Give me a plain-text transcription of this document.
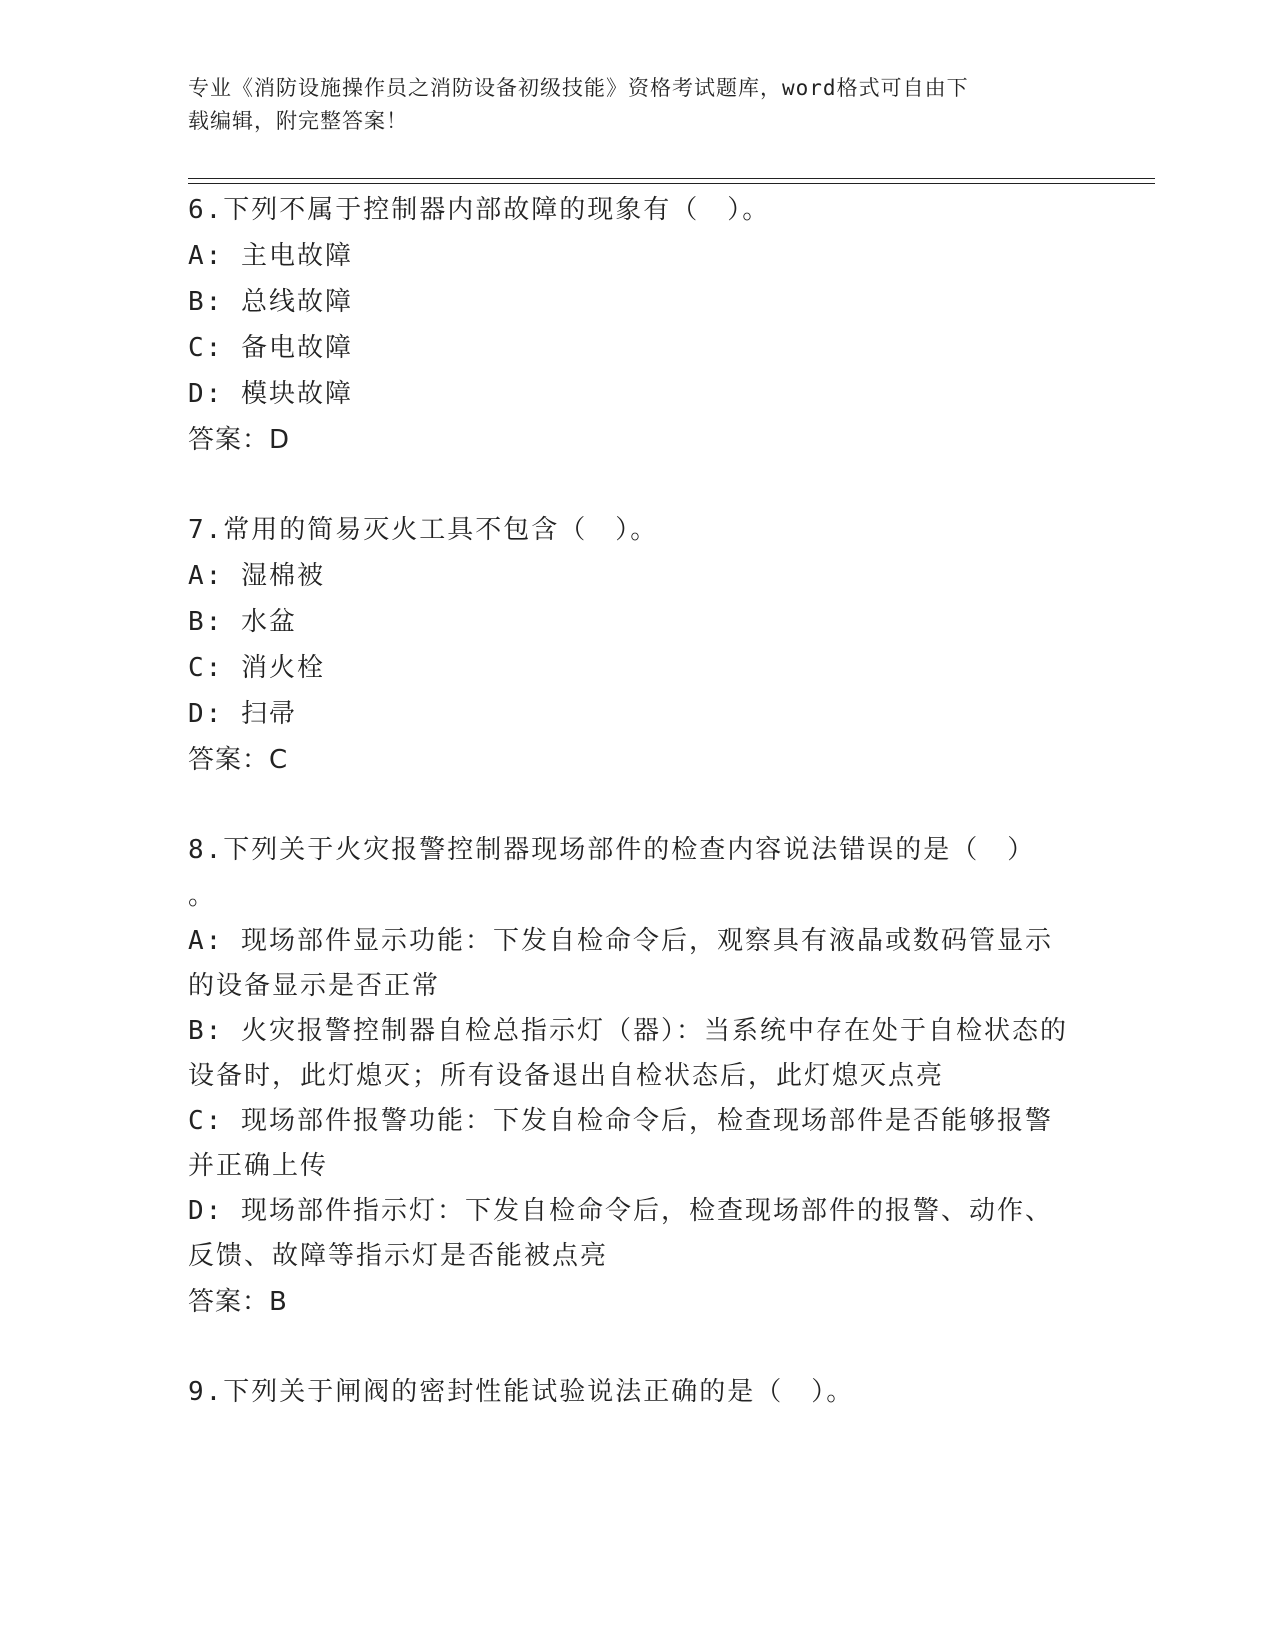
专业《消防设施操作员之消防设备初级技能》资格考试题库，word格式可自由下
载编辑，附完整答案！
6.下列不属于控制器内部故障的现象有（　）。
A: 主电故障
B: 总线故障
C: 备电故障
D: 模块故障
答案：D
7.常用的简易灭火工具不包含（　）。
A: 湿棉被
B: 水盆
C: 消火栓
D: 扫帚
答案：C
8.下列关于火灾报警控制器现场部件的检查内容说法错误的是（　）
。
A: 现场部件显示功能：下发自检命令后，观察具有液晶或数码管显示的设备显示是否正常
B: 火灾报警控制器自检总指示灯（器）：当系统中存在处于自检状态的设备时，此灯熄灭；所有设备退出自检状态后，此灯熄灭点亮
C: 现场部件报警功能：下发自检命令后，检查现场部件是否能够报警并正确上传
D: 现场部件指示灯：下发自检命令后，检查现场部件的报警、动作、反馈、故障等指示灯是否能被点亮
答案：B
9.下列关于闸阀的密封性能试验说法正确的是（　）。
